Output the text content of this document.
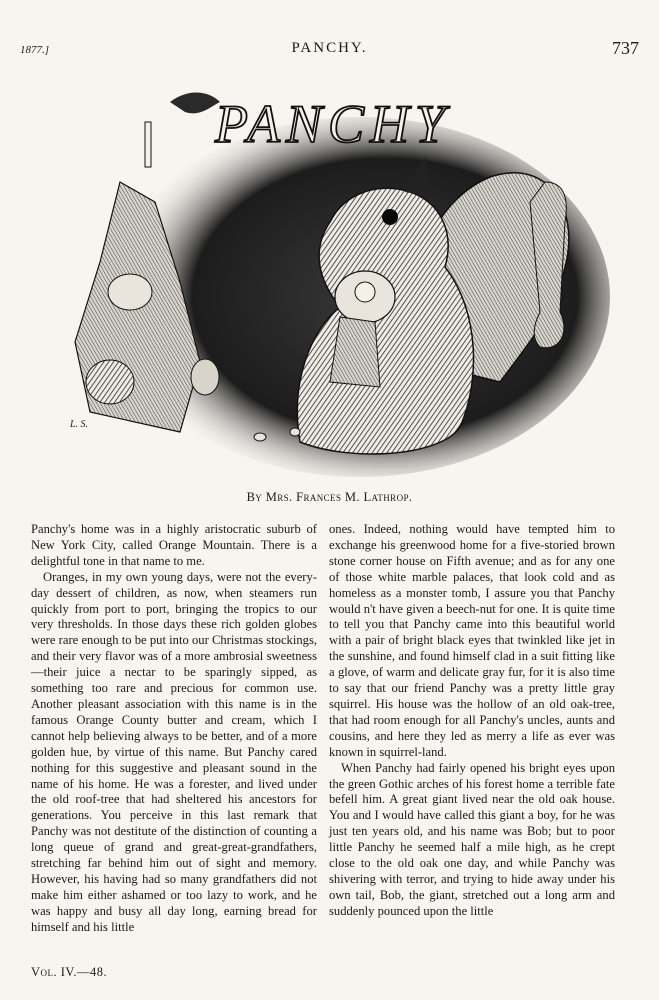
1877.]	PANCHY.	737
PANCHY
L. S.
By Mrs. Frances M. Lathrop.

Panchy's home was in a highly aristocratic suburb of New York City, called Orange Mountain. There is a delightful tone in that name to me.

Oranges, in my own young days, were not the every-day dessert of children, as now, when steamers run quickly from port to port, bringing the tropics to our very thresholds. In those days these rich golden globes were rare enough to be put into our Christmas stockings, and their very flavor was of a more ambrosial sweetness—their juice a nectar to be sparingly sipped, as something too rare and precious for common use. Another pleasant association with this name is in the famous Orange County butter and cream, which I cannot help believing always to be better, and of a more golden hue, by virtue of this name. But Panchy cared nothing for this suggestive and pleasant sound in the name of his home. He was a forester, and lived under the old roof-tree that had sheltered his ancestors for generations. You perceive in this last remark that Panchy was not destitute of the distinction of counting a long queue of grand and great-great-grandfathers, stretching far behind him out of sight and memory. However, his having had so many grandfathers did not make him either ashamed or too lazy to work, and he was happy and busy all day long, earning bread for himself and his little

ones. Indeed, nothing would have tempted him to exchange his greenwood home for a five-storied brown stone corner house on Fifth avenue; and as for any one of those white marble palaces, that look cold and as homeless as a monster tomb, I assure you that Panchy would n't have given a beech-nut for one. It is quite time to tell you that Panchy came into this beautiful world with a pair of bright black eyes that twinkled like jet in the sunshine, and found himself clad in a suit fitting like a glove, of warm and delicate gray fur, for it is also time to say that our friend Panchy was a pretty little gray squirrel. His house was the hollow of an old oak-tree, that had room enough for all Panchy's uncles, aunts and cousins, and here they led as merry a life as ever was known in squirrel-land.

When Panchy had fairly opened his bright eyes upon the green Gothic arches of his forest home a terrible fate befell him. A great giant lived near the old oak house. You and I would have called this giant a boy, for he was just ten years old, and his name was Bob; but to poor little Panchy he seemed half a mile high, as he crept close to the old oak one day, and while Panchy was shivering with terror, and trying to hide away under his own tail, Bob, the giant, stretched out a long arm and suddenly pounced upon the little

Vol. IV.—48.
